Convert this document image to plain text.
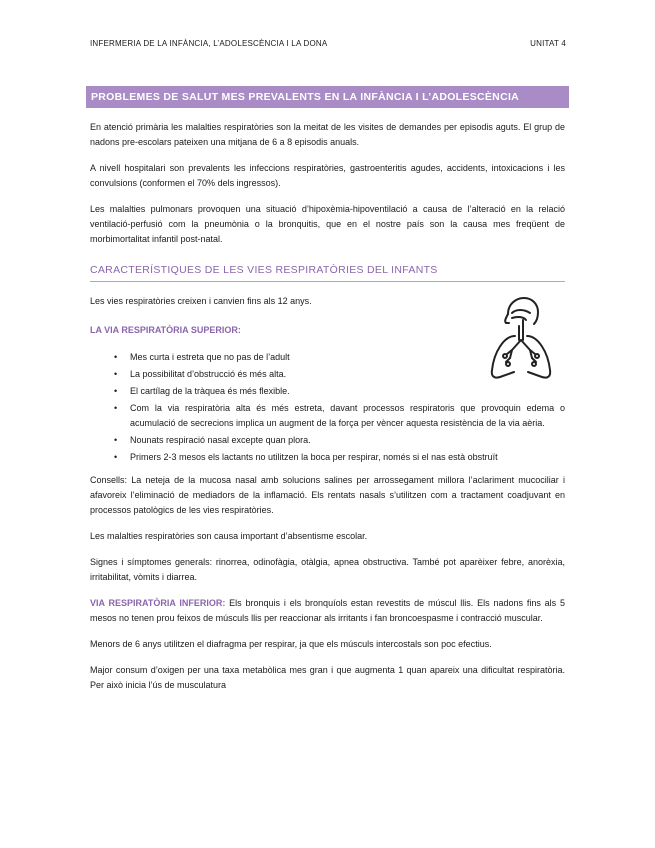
INFERMERIA DE LA INFÀNCIA, L’ADOLESCÈNCIA I LA DONA	UNITAT 4
PROBLEMES DE SALUT MES PREVALENTS EN LA INFÀNCIA I L’ADOLESCÈNCIA

En atenció primària les malalties respiratòries son la meitat de les visites de demandes per episodis aguts. El grup de nadons pre-escolars pateixen una mitjana de 6 a 8 episodis anuals.

A nivell hospitalari son prevalents les infeccions respiratòries, gastroenteritis agudes, accidents, intoxicacions i les convulsions (conformen el 70% dels ingressos).

Les malalties pulmonars provoquen una situació d’hipoxèmia-hipoventilació a causa de l’alteració en la relació ventilació-perfusió com la pneumònia o la bronquitis, que en el nostre país son la causa mes freqüent de morbimortalitat infantil post-natal.

CARACTERÍSTIQUES DE LES VIES RESPIRATÒRIES DEL INFANTS

Les vies respiratòries creixen i canvien fins als 12 anys.

LA VIA RESPIRATÒRIA SUPERIOR:
• Mes curta i estreta que no pas de l’adult
• La possibilitat d’obstrucció és més alta.
• El cartílag de la tràquea és més flexible.
• Com la via respiratòria alta és més estreta, davant processos respiratoris que provoquin edema o acumulació de secrecions implica un augment de la força per vèncer aquesta resistència de la via aèria.
• Nounats respiració nasal excepte quan plora.
• Primers 2-3 mesos els lactants no utilitzen la boca per respirar, només si el nas està obstruït

Consells: La neteja de la mucosa nasal amb solucions salines per arrossegament millora l’aclariment mucociliar i afavoreix l’eliminació de mediadors de la inflamació. Els rentats nasals s’utilitzen com a tractament coadjuvant en processos patològics de les vies respiratòries.

Les malalties respiratòries son causa important d’absentisme escolar.

Signes i símptomes generals: rinorrea, odinofàgia, otàlgia, apnea obstructiva. També pot aparèixer febre, anorèxia, irritabilitat, vòmits i diarrea.

VIA RESPIRATÒRIA INFERIOR: Els bronquis i els bronquíols estan revestits de múscul llis. Els nadons fins als 5 mesos no tenen prou feixos de músculs llis per reaccionar als irritants i fan broncoespasme i contracció muscular.

Menors de 6 anys utilitzen el diafragma per respirar, ja que els músculs intercostals son poc efectius.

Major consum d’oxigen per una taxa metabòlica mes gran i que augmenta 1 quan apareix una dificultat respiratòria. Per això inicia l’ús de musculatura
